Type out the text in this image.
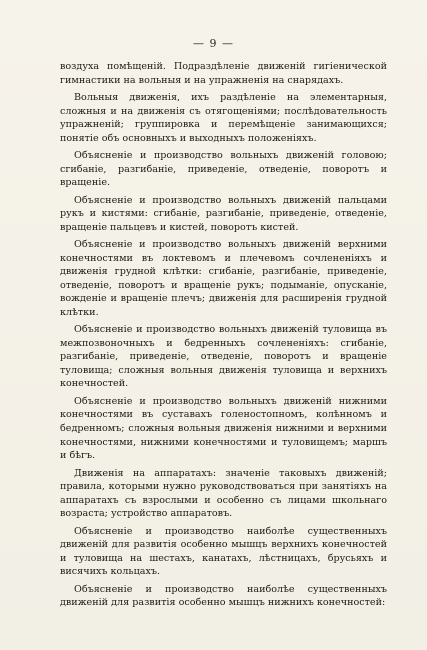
— 9 —

воздуха помѣщеній. Подраздѣленіе движеній гигіенической гимнастики на вольныя и на упражненія на снарядахъ.

Вольныя движенія, ихъ раздѣленіе на элементарныя, сложныя и на движенія съ отягощеніями; послѣдовательность упражненій; группировка и перемѣщеніе занимающихся; понятіе объ основныхъ и выходныхъ положеніяхъ.

Объясненіе и производство вольныхъ движеній головою; сгибаніе, разгибаніе, приведеніе, отведеніе, поворотъ и вращеніе.

Объясненіе и производство вольныхъ движеній пальцами рукъ и кистями: сгибаніе, разгибаніе, приведеніе, отведеніе, вращеніе пальцевъ и кистей, поворотъ кистей.

Объясненіе и производство вольныхъ движеній верхними конечностями въ локтевомъ и плечевомъ сочлененіяхъ и движенія грудной клѣтки: сгибаніе, разгибаніе, приведеніе, отведеніе, поворотъ и вращеніе рукъ; подыманіе, опусканіе, вожденіе и вращеніе плечъ; движенія для расширенія грудной клѣтки.

Объясненіе и производство вольныхъ движеній туловища въ межпозвоночныхъ и бедренныхъ сочлененіяхъ: сгибаніе, разгибаніе, приведеніе, отведеніе, поворотъ и вращеніе туловища; сложныя вольныя движенія туловища и верхнихъ конечностей.

Объясненіе и производство вольныхъ движеній нижними конечностями въ суставахъ голеностопномъ, колѣнномъ и бедренномъ; сложныя вольныя движенія нижними и верхними конечностями, нижними конечностями и туловищемъ; маршъ и бѣгъ.

Движенія на аппаратахъ: значеніе таковыхъ движеній; правила, которыми нужно руководствоваться при занятіяхъ на аппаратахъ съ взрослыми и особенно съ лицами школьнаго возраста; устройство аппаратовъ.

Объясненіе и производство наиболѣе существенныхъ движеній для развитія особенно мышцъ верхнихъ конечностей и туловища на шестахъ, канатахъ, лѣстницахъ, брусьяхъ и висячихъ кольцахъ.

Объясненіе и производство наиболѣе существенныхъ движеній для развитія особенно мышцъ нижнихъ конечностей:
